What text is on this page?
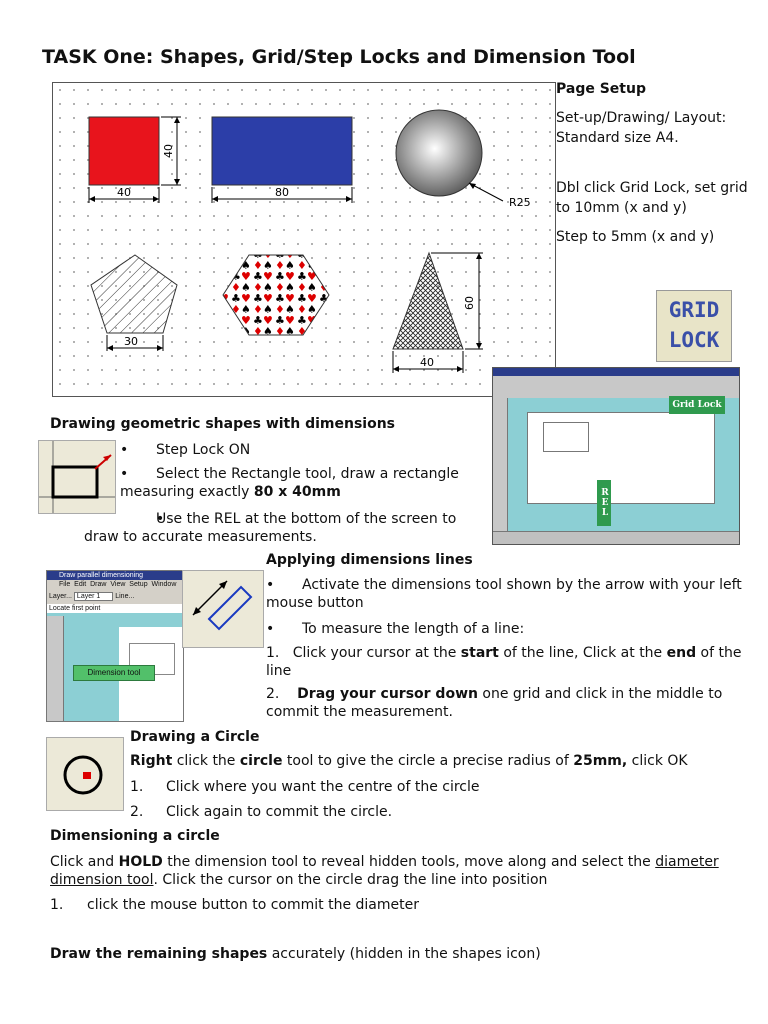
TASK One: Shapes, Grid/Step Locks and Dimension Tool
40
40
80
R25
30
40
60
Page Setup
Set-up/Drawing/ Layout: Standard size A4.
Dbl click Grid Lock, set grid to 10mm (x and y)
Step to 5mm (x and y)
GRID
LOCK
Grid Lock
REL
Drawing geometric shapes with dimensions
• Step Lock ON
• Select the Rectangle tool, draw a rectangle measuring exactly 80 x 40mm
• Use the REL at the bottom of the screen to draw to accurate measurements.
Draw parallel dimensioning
File Edit Draw View Setup Window
Layer... Layer 1 Line...
Locate first point
Dimension tool
Applying dimensions lines
• Activate the dimensions tool shown by the arrow with your left mouse button
• To measure the length of a line:
1. Click your cursor at the start of the line, Click at the end of the line
2. Drag your cursor down one grid and click in the middle to commit the measurement.
Drawing a Circle
Right click the circle tool to give the circle a precise radius of 25mm, click OK
1. Click where you want the centre of the circle
2. Click again to commit the circle.
Dimensioning a circle
Click and HOLD the dimension tool to reveal hidden tools, move along and select the diameter dimension tool. Click the cursor on the circle drag the line into position
1. click the mouse button to commit the diameter
Draw the remaining shapes accurately (hidden in the shapes icon)
